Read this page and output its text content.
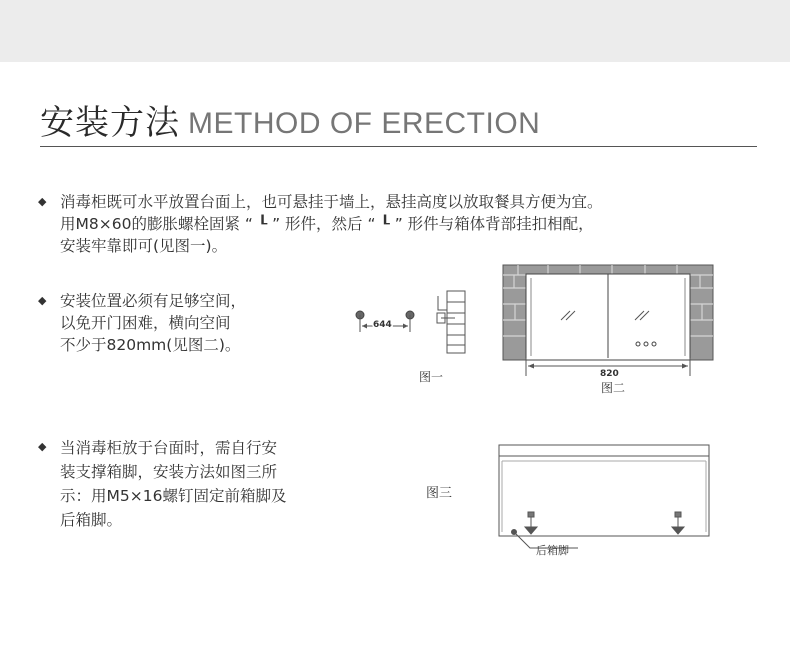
安装方法 METHOD OF ERECTION
◆ 消毒柜既可水平放置台面上，也可悬挂于墙上，悬挂高度以放取餐具方便为宜。
用M8×60的膨胀螺栓固紧 “ ┖ ” 形件，然后 “ ┖ ” 形件与箱体背部挂扣相配，
安装牢靠即可(见图一)。
◆ 安装位置必须有足够空间，
以免开门困难，横向空间
不少于820mm(见图二)。
◆ 当消毒柜放于台面时，需自行安
装支撑箱脚，安装方法如图三所
示：用M5×16螺钉固定前箱脚及
后箱脚。
644
820
图一
图二
图三
后箱脚
